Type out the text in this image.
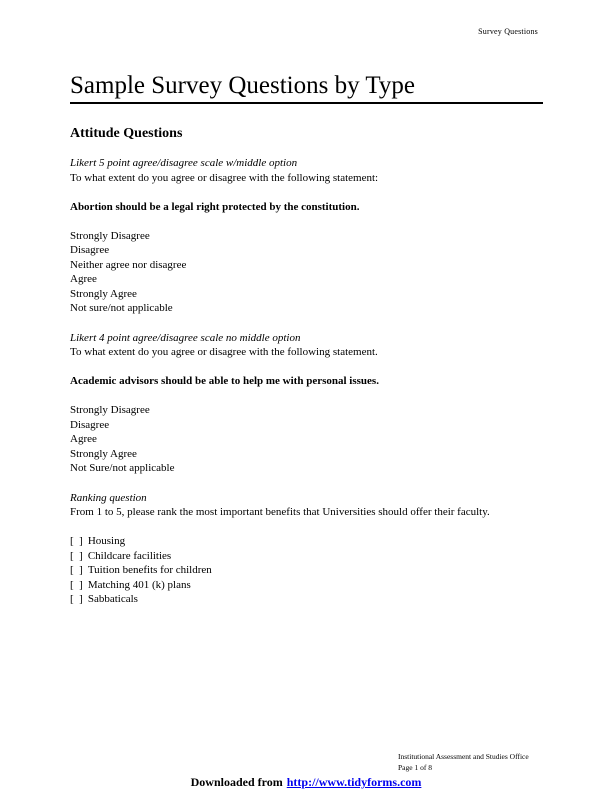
Survey Questions
Sample Survey Questions by Type
Attitude Questions
Likert 5 point agree/disagree scale w/middle option
To what extent do you agree or disagree with the following statement:
Abortion should be a legal right protected by the constitution.
Strongly Disagree
Disagree
Neither agree nor disagree
Agree
Strongly Agree
Not sure/not applicable
Likert 4 point agree/disagree scale no middle option
To what extent do you agree or disagree with the following statement.
Academic advisors should be able to help me with personal issues.
Strongly Disagree
Disagree
Agree
Strongly Agree
Not Sure/not applicable
Ranking question
From 1 to 5, please rank the most important benefits that Universities should offer their faculty.
[  ] Housing
[  ] Childcare facilities
[  ] Tuition benefits for children
[  ] Matching 401 (k) plans
[  ] Sabbaticals
Institutional Assessment and Studies Office
Page 1 of 8
Downloaded from http://www.tidyforms.com
